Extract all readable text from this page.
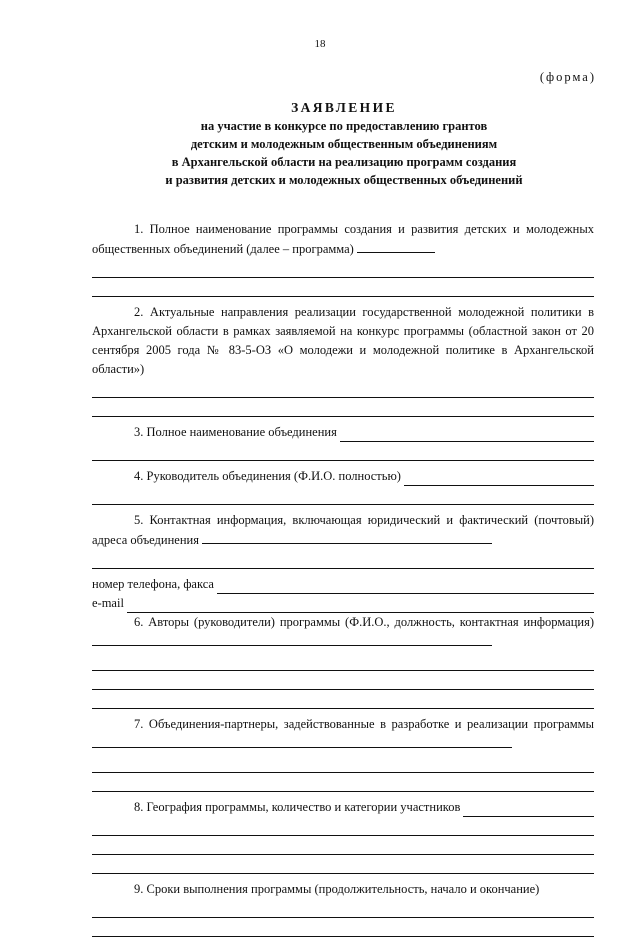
18
(форма)
ЗАЯВЛЕНИЕ
на участие в конкурсе по предоставлению грантов
детским и молодежным общественным объединениям
в Архангельской области на реализацию программ создания
и развития детских и молодежных общественных объединений
1. Полное наименование программы создания и развития детских и молодежных общественных объединений (далее – программа)
2. Актуальные направления реализации государственной молодежной политики в Архангельской области в рамках заявляемой на конкурс программы (областной закон от 20 сентября 2005 года № 83-5-ОЗ «О молодежи и молодежной политике в Архангельской области»)
3. Полное наименование объединения
4. Руководитель объединения (Ф.И.О. полностью)
5. Контактная информация, включающая юридический и фактический (почтовый) адреса объединения
номер телефона, факса
e-mail
6. Авторы (руководители) программы (Ф.И.О., должность, контактная информация)
7. Объединения-партнеры, задействованные в разработке и реализации программы
8. География программы, количество и категории участников
9. Сроки выполнения программы (продолжительность, начало и окончание)
